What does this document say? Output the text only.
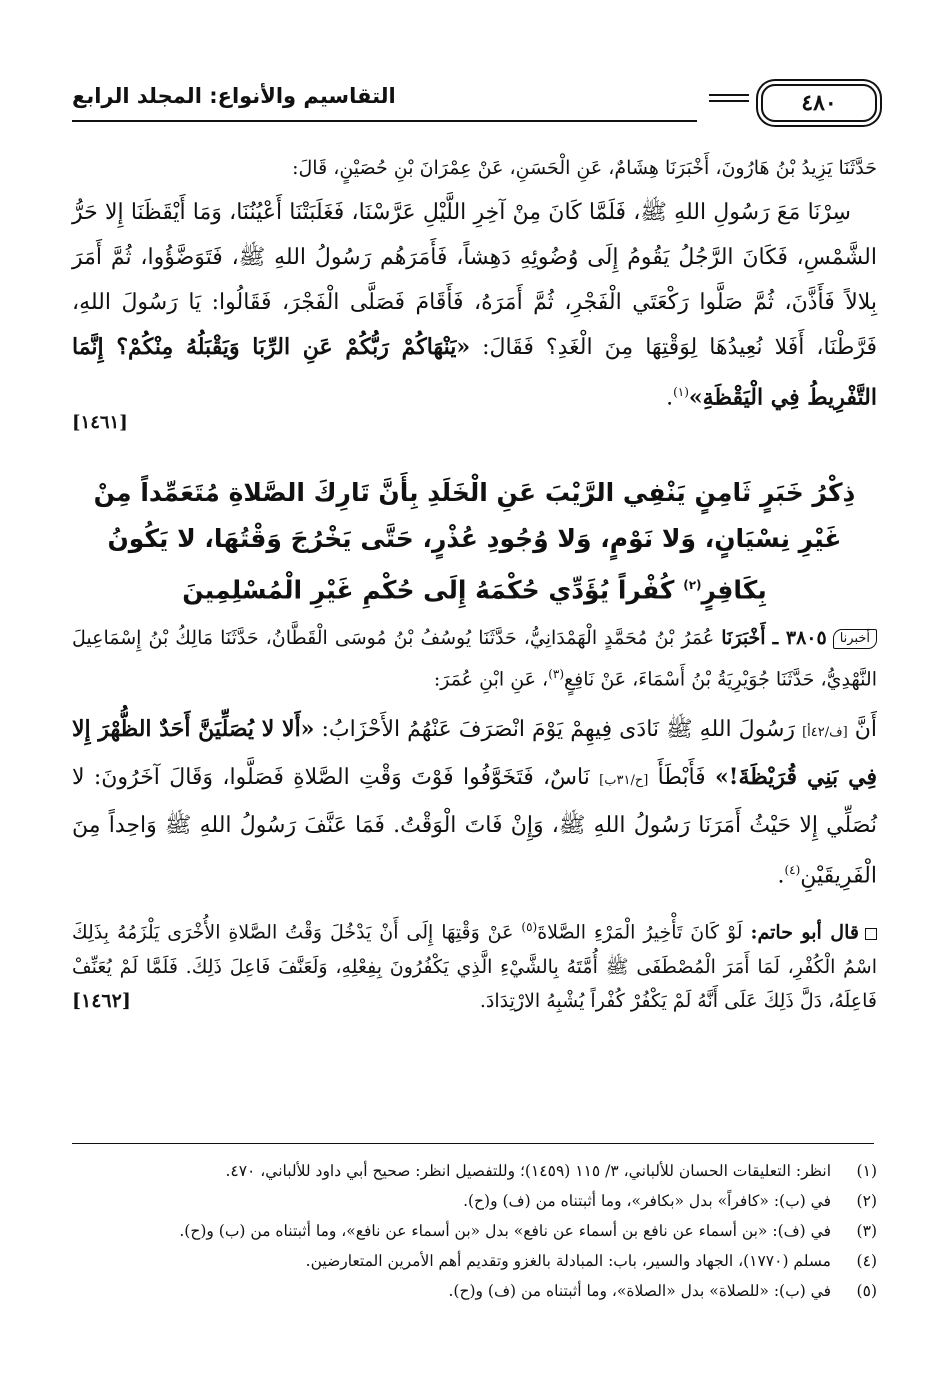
٤٨٠
التقاسيم والأنواع: المجلد الرابع

حَدَّثَنَا يَزِيدُ بْنُ هَارُونَ، أَخْبَرَنَا هِشَامٌ، عَنِ الْحَسَنِ، عَنْ عِمْرَانَ بْنِ حُصَيْنٍ، قَالَ:

سِرْنَا مَعَ رَسُولِ اللهِ ﷺ، فَلَمَّا كَانَ مِنْ آخِرِ اللَّيْلِ عَرَّسْنَا، فَغَلَبَتْنَا أَعْيُنُنَا، وَمَا أَيْقَظَنَا إِلا حَرُّ الشَّمْسِ، فَكَانَ الرَّجُلُ يَقُومُ إِلَى وُضُوئِهِ دَهِشاً، فَأَمَرَهُم رَسُولُ اللهِ ﷺ، فَتَوَضَّؤُوا، ثُمَّ أَمَرَ بِلالاً فَأَذَّنَ، ثُمَّ صَلَّوا رَكْعَتَي الْفَجْرِ، ثُمَّ أَمَرَهُ، فَأَقَامَ فَصَلَّى الْفَجْرَ، فَقَالُوا: يَا رَسُولَ اللهِ، فَرَّطْنَا، أَفَلا نُعِيدُهَا لِوَقْتِهَا مِنَ الْغَدِ؟ فَقَالَ: «يَنْهَاكُمْ رَبُّكُمْ عَنِ الرِّبَا وَيَقْبَلُهُ مِنْكُمْ؟ إِنَّمَا التَّفْرِيطُ فِي الْيَقْظَةِ»$^{(١)}$.

[١٤٦١]
ذِكْرُ خَبَرٍ ثَامِنٍ يَنْفِي الرَّيْبَ عَنِ الْخَلَدِ بِأَنَّ تَارِكَ الصَّلاةِ مُتَعَمِّداً مِنْ غَيْرِ نِسْيَانٍ، وَلا نَوْمٍ، وَلا وُجُودِ عُذْرٍ، حَتَّى يَخْرُجَ وَقْتُهَا، لا يَكُونُ بِكَافِرٍ$^{(٢)}$ كُفْراً يُؤَدِّي حُكْمَهُ إِلَى حُكْمِ غَيْرِ الْمُسْلِمِينَ

أخبرنا٣٨٠٥ ـ أَخْبَرَنَا عُمَرُ بْنُ مُحَمَّدٍ الْهَمْدَانِيُّ، حَدَّثَنَا يُوسُفُ بْنُ مُوسَى الْقَطَّانُ، حَدَّثَنَا مَالِكُ بْنُ إِسْمَاعِيلَ النَّهْدِيُّ، حَدَّثَنَا جُوَيْرِيَةُ بْنُ أَسْمَاءَ، عَنْ نَافِعٍ$^{(٣)}$، عَنِ ابْنِ عُمَرَ:

أَنَّ [ف/٤٢أ] رَسُولَ اللهِ ﷺ نَادَى فِيهِمْ يَوْمَ انْصَرَفَ عَنْهُمُ الأَحْزَابُ: «أَلا لا يُصَلِّيَنَّ أَحَدٌ الظُّهْرَ إِلا فِي بَنِي قُرَيْظَةَ!» فَأَبْطَأَ [ح/٣١ب] نَاسٌ، فَتَخَوَّفُوا فَوْتَ وَقْتِ الصَّلاةِ فَصَلَّوا، وَقَالَ آخَرُونَ: لا نُصَلِّي إِلا حَيْثُ أَمَرَنَا رَسُولُ اللهِ ﷺ، وَإِنْ فَاتَ الْوَقْتُ. فَمَا عَنَّفَ رَسُولُ اللهِ ﷺ وَاحِداً مِنَ الْفَرِيقَيْنِ$^{(٤)}$.

قال أبو حاتم: لَوْ كَانَ تَأْخِيرُ الْمَرْءِ الصَّلاةَ$^{(٥)}$ عَنْ وَقْتِهَا إِلَى أَنْ يَدْخُلَ وَقْتُ الصَّلاةِ الأُخْرَى يَلْزَمُهُ بِذَلِكَ اسْمُ الْكُفْرِ، لَمَا أَمَرَ الْمُصْطَفَى ﷺ أُمَّتَهُ بِالشَّيْءِ الَّذِي يَكْفُرُونَ بِفِعْلِهِ، وَلَعَنَّفَ فَاعِلَ ذَلِكَ. فَلَمَّا لَمْ يُعَنِّفْ فَاعِلَهُ، دَلَّ ذَلِكَ عَلَى أَنَّهُ لَمْ يَكْفُرْ كُفْراً يُشْبِهُ الارْتِدَادَ.
[١٤٦٢]

(١)
انظر: التعليقات الحسان للألباني، ٣/ ١١٥ (١٤٥٩)؛ وللتفصيل انظر: صحيح أبي داود للألباني، ٤٧٠.
(٢)
في (ب): «كافراً» بدل «بكافر»، وما أثبتناه من (ف) و(ح).
(٣)
في (ف): «بن أسماء عن نافع بن أسماء عن نافع» بدل «بن أسماء عن نافع»، وما أثبتناه من (ب) و(ح).
(٤)
مسلم (١٧٧٠)، الجهاد والسير، باب: المبادلة بالغزو وتقديم أهم الأمرين المتعارضين.
(٥)
في (ب): «للصلاة» بدل «الصلاة»، وما أثبتناه من (ف) و(ح).
